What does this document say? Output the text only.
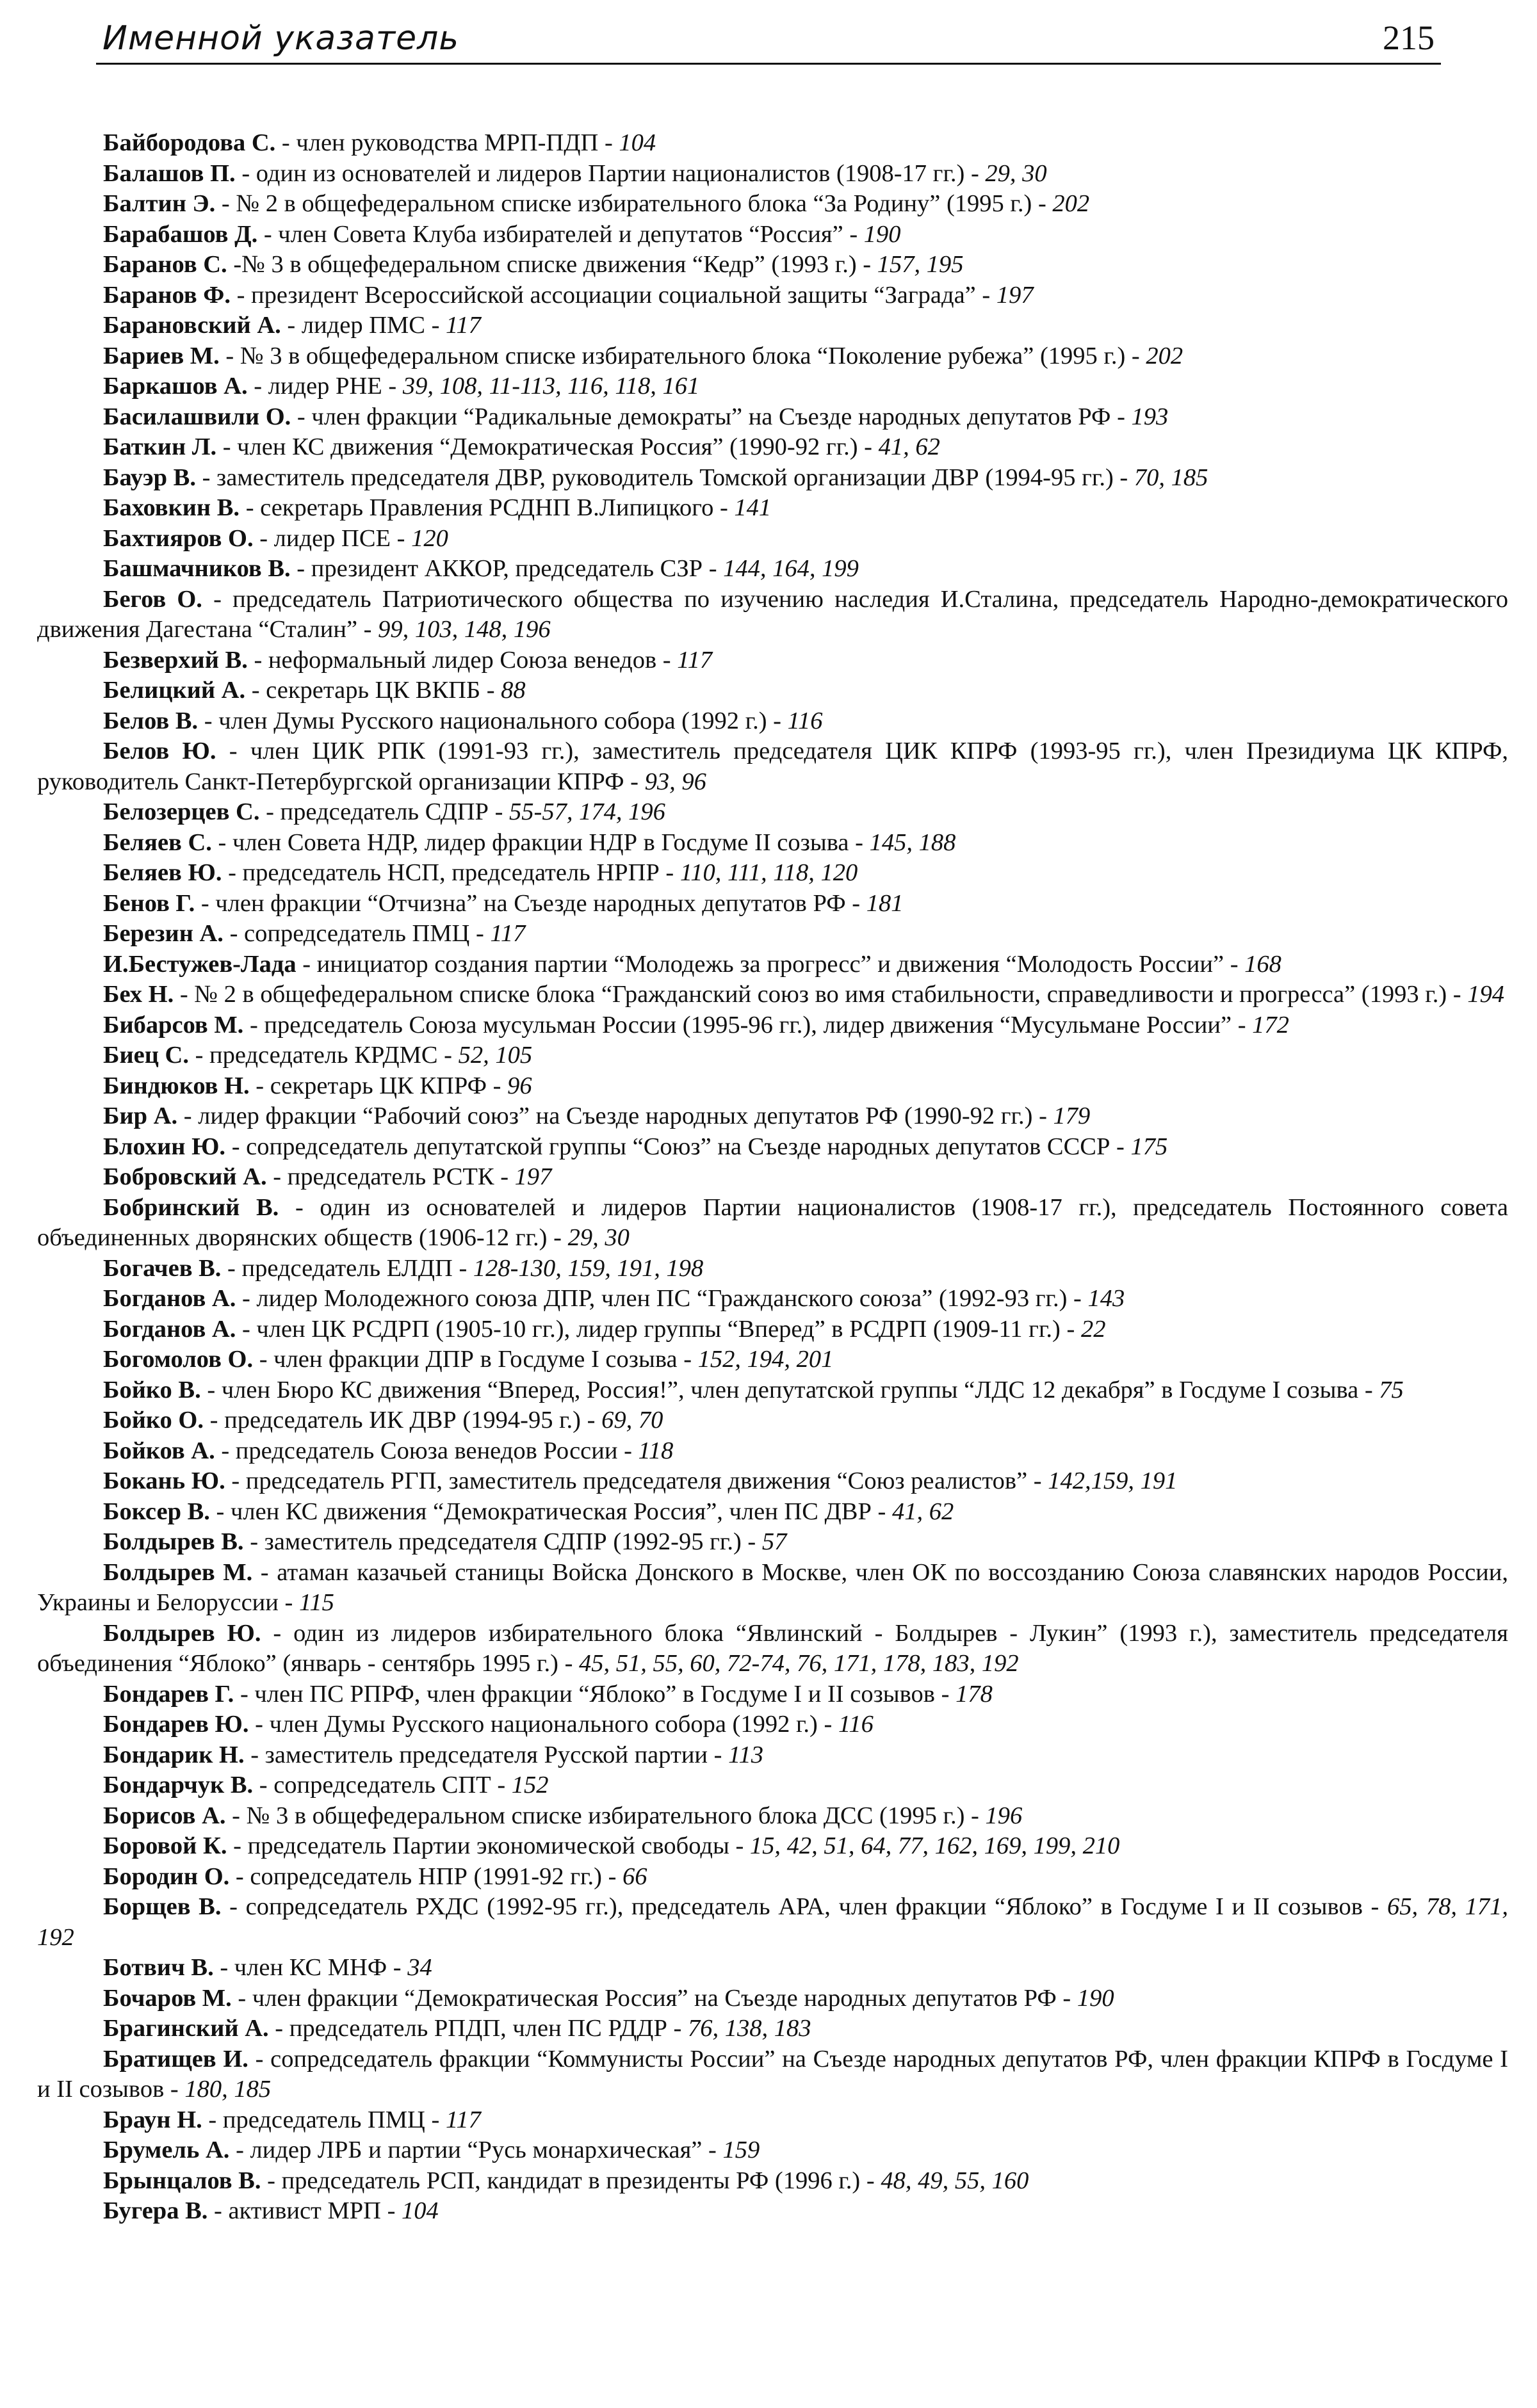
Именной указатель	215

Байбородова С. - член руководства МРП-ПДП - 104

Балашов П. - один из основателей и лидеров Партии националистов (1908-17 гг.) - 29, 30

Балтин Э. - № 2 в общефедеральном списке избирательного блока “За Родину” (1995 г.) - 202

Барабашов Д. - член Совета Клуба избирателей и депутатов “Россия” - 190

Баранов С. -№ 3 в общефедеральном списке движения “Кедр” (1993 г.) - 157, 195

Баранов Ф. - президент Всероссийской ассоциации социальной защиты “Заграда” - 197

Барановский А. - лидер ПМС - 117

Бариев М. - № 3 в общефедеральном списке избирательного блока “Поколение рубежа” (1995 г.) - 202

Баркашов А. - лидер РНЕ - 39, 108, 11-113, 116, 118, 161

Басилашвили О. - член фракции “Радикальные демократы” на Съезде народных депутатов РФ - 193

Баткин Л. - член КС движения “Демократическая Россия” (1990-92 гг.) - 41, 62

Бауэр В. - заместитель председателя ДВР, руководитель Томской организации ДВР (1994-95 гг.) - 70, 185

Баховкин В. - секретарь Правления РСДНП В.Липицкого - 141

Бахтияров О. - лидер ПСЕ - 120

Башмачников В. - президент АККОР, председатель СЗР - 144, 164, 199

Бегов О. - председатель Патриотического общества по изучению наследия И.Сталина, председатель Народно-демократического движения Дагестана “Сталин” - 99, 103, 148, 196

Безверхий В. - неформальный лидер Союза венедов - 117

Белицкий А. - секретарь ЦК ВКПБ - 88

Белов В. - член Думы Русского национального собора (1992 г.) - 116

Белов Ю. - член ЦИК РПК (1991-93 гг.), заместитель председателя ЦИК КПРФ (1993-95 гг.), член Президиума ЦК КПРФ, руководитель Санкт-Петербургской организации КПРФ - 93, 96

Белозерцев С. - председатель СДПР - 55-57, 174, 196

Беляев С. - член Совета НДР, лидер фракции НДР в Госдуме II созыва - 145, 188

Беляев Ю. - председатель НСП, председатель НРПР - 110, 111, 118, 120

Бенов Г. - член фракции “Отчизна” на Съезде народных депутатов РФ - 181

Березин А. - сопредседатель ПМЦ - 117

И.Бестужев-Лада - инициатор создания партии “Молодежь за прогресс” и движения “Молодость России” - 168

Бех Н. - № 2 в общефедеральном списке блока “Гражданский союз во имя стабильности, справедливости и прогресса” (1993 г.) - 194

Бибарсов М. - председатель Союза мусульман России (1995-96 гг.), лидер движения “Мусульмане России” - 172

Биец С. - председатель КРДМС - 52, 105

Биндюков Н. - секретарь ЦК КПРФ - 96

Бир А. - лидер фракции “Рабочий союз” на Съезде народных депутатов РФ (1990-92 гг.) - 179

Блохин Ю. - сопредседатель депутатской группы “Союз” на Съезде народных депутатов СССР - 175

Бобровский А. - председатель РСТК - 197

Бобринский В. - один из основателей и лидеров Партии националистов (1908-17 гг.), председатель Постоянного совета объединенных дворянских обществ (1906-12 гг.) - 29, 30

Богачев В. - председатель ЕЛДП - 128-130, 159, 191, 198

Богданов А. - лидер Молодежного союза ДПР, член ПС “Гражданского союза” (1992-93 гг.) - 143

Богданов А. - член ЦК РСДРП (1905-10 гг.), лидер группы “Вперед” в РСДРП (1909-11 гг.) - 22

Богомолов О. - член фракции ДПР в Госдуме I созыва - 152, 194, 201

Бойко В. - член Бюро КС движения “Вперед, Россия!”, член депутатской группы “ЛДС 12 декабря” в Госдуме I созыва - 75

Бойко О. - председатель ИК ДВР (1994-95 г.) - 69, 70

Бойков А. - председатель Союза венедов России - 118

Бокань Ю. - председатель РГП, заместитель председателя движения “Союз реалистов” - 142,159, 191

Боксер В. - член КС движения “Демократическая Россия”, член ПС ДВР - 41, 62

Болдырев В. - заместитель председателя СДПР (1992-95 гг.) - 57

Болдырев М. - атаман казачьей станицы Войска Донского в Москве, член ОК по воссозданию Союза славянских народов России, Украины и Белоруссии - 115

Болдырев Ю. - один из лидеров избирательного блока “Явлинский - Болдырев - Лукин” (1993 г.), заместитель председателя объединения “Яблоко” (январь - сентябрь 1995 г.) - 45, 51, 55, 60, 72-74, 76, 171, 178, 183, 192

Бондарев Г. - член ПС РПРФ, член фракции “Яблоко” в Госдуме I и II созывов - 178

Бондарев Ю. - член Думы Русского национального собора (1992 г.) - 116

Бондарик Н. - заместитель председателя Русской партии - 113

Бондарчук В. - сопредседатель СПТ - 152

Борисов А. - № 3 в общефедеральном списке избирательного блока ДСС (1995 г.) - 196

Боровой К. - председатель Партии экономической свободы - 15, 42, 51, 64, 77, 162, 169, 199, 210

Бородин О. - сопредседатель НПР (1991-92 гг.) - 66

Борщев В. - сопредседатель РХДС (1992-95 гг.), председатель АРА, член фракции “Яблоко” в Госдуме I и II созывов - 65, 78, 171, 192

Ботвич В. - член КС МНФ - 34

Бочаров М. - член фракции “Демократическая Россия” на Съезде народных депутатов РФ - 190

Брагинский А. - председатель РПДП, член ПС РДДР - 76, 138, 183

Братищев И. - сопредседатель фракции “Коммунисты России” на Съезде народных депутатов РФ, член фракции КПРФ в Госдуме I и II созывов - 180, 185

Браун Н. - председатель ПМЦ - 117

Брумель А. - лидер ЛРБ и партии “Русь монархическая” - 159

Брынцалов В. - председатель РСП, кандидат в президенты РФ (1996 г.) - 48, 49, 55, 160

Бугера В. - активист МРП - 104
